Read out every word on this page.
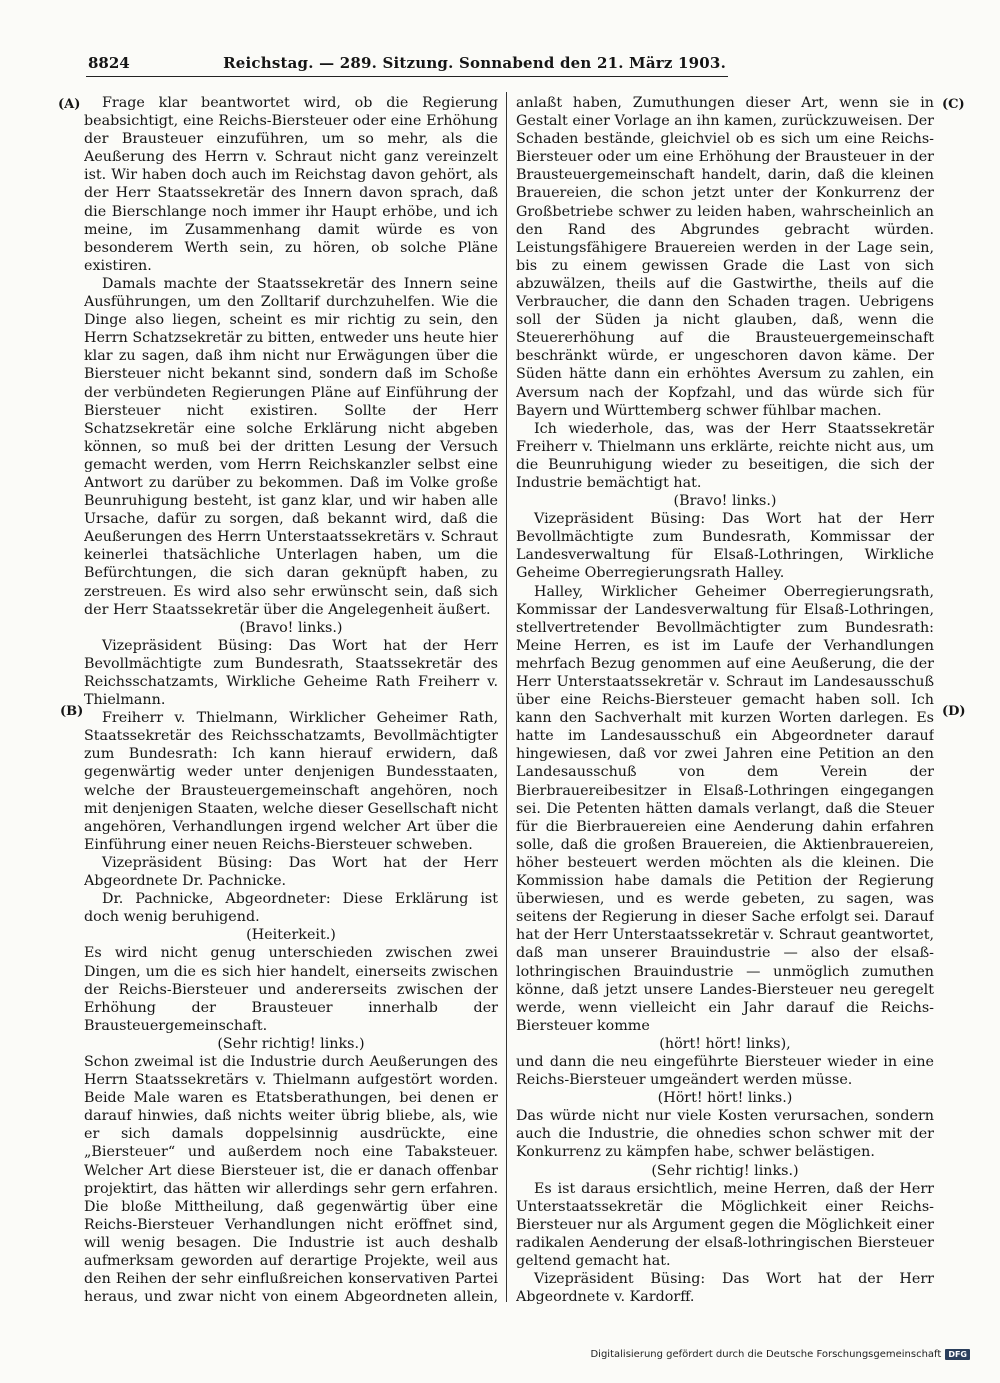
8824	Reichstag. — 289. Sitzung. Sonnabend den 21. März 1903.
(A)
(B)
(C)
(D)

Frage klar beantwortet wird, ob die Regierung beabsichtigt, eine Reichs-Biersteuer oder eine Erhöhung der Brausteuer einzuführen, um so mehr, als die Aeußerung des Herrn v. Schraut nicht ganz vereinzelt ist. Wir haben doch auch im Reichstag davon gehört, als der Herr Staatssekretär des Innern davon sprach, daß die Bierschlange noch immer ihr Haupt erhöbe, und ich meine, im Zusammenhang damit würde es von besonderem Werth sein, zu hören, ob solche Pläne existiren.

Damals machte der Staatssekretär des Innern seine Ausführungen, um den Zolltarif durchzuhelfen. Wie die Dinge also liegen, scheint es mir richtig zu sein, den Herrn Schatzsekretär zu bitten, entweder uns heute hier klar zu sagen, daß ihm nicht nur Erwägungen über die Biersteuer nicht bekannt sind, sondern daß im Schoße der verbündeten Regierungen Pläne auf Einführung der Biersteuer nicht existiren. Sollte der Herr Schatzsekretär eine solche Erklärung nicht abgeben können, so muß bei der dritten Lesung der Versuch gemacht werden, vom Herrn Reichskanzler selbst eine Antwort zu darüber zu bekommen. Daß im Volke große Beunruhigung besteht, ist ganz klar, und wir haben alle Ursache, dafür zu sorgen, daß bekannt wird, daß die Aeußerungen des Herrn Unterstaatssekretärs v. Schraut keinerlei thatsächliche Unterlagen haben, um die Befürchtungen, die sich daran geknüpft haben, zu zerstreuen. Es wird also sehr erwünscht sein, daß sich der Herr Staatssekretär über die Angelegenheit äußert.

(Bravo! links.)

Vizepräsident Büsing: Das Wort hat der Herr Bevollmächtigte zum Bundesrath, Staatssekretär des Reichsschatzamts, Wirkliche Geheime Rath Freiherr v. Thielmann.

Freiherr v. Thielmann, Wirklicher Geheimer Rath, Staatssekretär des Reichsschatzamts, Bevollmächtigter zum Bundesrath: Ich kann hierauf erwidern, daß gegenwärtig weder unter denjenigen Bundesstaaten, welche der Brausteuergemeinschaft angehören, noch mit denjenigen Staaten, welche dieser Gesellschaft nicht angehören, Verhandlungen irgend welcher Art über die Einführung einer neuen Reichs-Biersteuer schweben.

Vizepräsident Büsing: Das Wort hat der Herr Abgeordnete Dr. Pachnicke.

Dr. Pachnicke, Abgeordneter: Diese Erklärung ist doch wenig beruhigend.

(Heiterkeit.)

Es wird nicht genug unterschieden zwischen zwei Dingen, um die es sich hier handelt, einerseits zwischen der Reichs-Biersteuer und andererseits zwischen der Erhöhung der Brausteuer innerhalb der Brausteuergemeinschaft.

(Sehr richtig! links.)

Schon zweimal ist die Industrie durch Aeußerungen des Herrn Staatssekretärs v. Thielmann aufgestört worden. Beide Male waren es Etatsberathungen, bei denen er darauf hinwies, daß nichts weiter übrig bliebe, als, wie er sich damals doppelsinnig ausdrückte, eine „Biersteuer“ und außerdem noch eine Tabaksteuer. Welcher Art diese Biersteuer ist, die er danach offenbar projektirt, das hätten wir allerdings sehr gern erfahren. Die bloße Mittheilung, daß gegenwärtig über eine Reichs-Biersteuer Verhandlungen nicht eröffnet sind, will wenig besagen. Die Industrie ist auch deshalb aufmerksam geworden auf derartige Projekte, weil aus den Reihen der sehr einflußreichen konservativen Partei heraus, und zwar nicht von einem Abgeordneten allein,

anlaßt haben, Zumuthungen dieser Art, wenn sie in Gestalt einer Vorlage an ihn kamen, zurückzuweisen. Der Schaden bestände, gleichviel ob es sich um eine Reichs-Biersteuer oder um eine Erhöhung der Brausteuer in der Brausteuergemeinschaft handelt, darin, daß die kleinen Brauereien, die schon jetzt unter der Konkurrenz der Großbetriebe schwer zu leiden haben, wahrscheinlich an den Rand des Abgrundes gebracht würden. Leistungsfähigere Brauereien werden in der Lage sein, bis zu einem gewissen Grade die Last von sich abzuwälzen, theils auf die Gastwirthe, theils auf die Verbraucher, die dann den Schaden tragen. Uebrigens soll der Süden ja nicht glauben, daß, wenn die Steuererhöhung auf die Brausteuergemeinschaft beschränkt würde, er ungeschoren davon käme. Der Süden hätte dann ein erhöhtes Aversum zu zahlen, ein Aversum nach der Kopfzahl, und das würde sich für Bayern und Württemberg schwer fühlbar machen.

Ich wiederhole, das, was der Herr Staatssekretär Freiherr v. Thielmann uns erklärte, reichte nicht aus, um die Beunruhigung wieder zu beseitigen, die sich der Industrie bemächtigt hat.

(Bravo! links.)

Vizepräsident Büsing: Das Wort hat der Herr Bevollmächtigte zum Bundesrath, Kommissar der Landesverwaltung für Elsaß-Lothringen, Wirkliche Geheime Oberregierungsrath Halley.

Halley, Wirklicher Geheimer Oberregierungsrath, Kommissar der Landesverwaltung für Elsaß-Lothringen, stellvertretender Bevollmächtigter zum Bundesrath: Meine Herren, es ist im Laufe der Verhandlungen mehrfach Bezug genommen auf eine Aeußerung, die der Herr Unterstaatssekretär v. Schraut im Landesausschuß über eine Reichs-Biersteuer gemacht haben soll. Ich kann den Sachverhalt mit kurzen Worten darlegen. Es hatte im Landesausschuß ein Abgeordneter darauf hingewiesen, daß vor zwei Jahren eine Petition an den Landesausschuß von dem Verein der Bierbrauereibesitzer in Elsaß-Lothringen eingegangen sei. Die Petenten hätten damals verlangt, daß die Steuer für die Bierbrauereien eine Aenderung dahin erfahren solle, daß die großen Brauereien, die Aktienbrauereien, höher besteuert werden möchten als die kleinen. Die Kommission habe damals die Petition der Regierung überwiesen, und es werde gebeten, zu sagen, was seitens der Regierung in dieser Sache erfolgt sei. Darauf hat der Herr Unterstaatssekretär v. Schraut geantwortet, daß man unserer Brauindustrie — also der elsaß-lothringischen Brauindustrie — unmöglich zumuthen könne, daß jetzt unsere Landes-Biersteuer neu geregelt werde, wenn vielleicht ein Jahr darauf die Reichs-Biersteuer komme

(hört! hört! links),

und dann die neu eingeführte Biersteuer wieder in eine Reichs-Biersteuer umgeändert werden müsse.

(Hört! hört! links.)

Das würde nicht nur viele Kosten verursachen, sondern auch die Industrie, die ohnedies schon schwer mit der Konkurrenz zu kämpfen habe, schwer belästigen.

(Sehr richtig! links.)

Es ist daraus ersichtlich, meine Herren, daß der Herr Unterstaatssekretär die Möglichkeit einer Reichs-Biersteuer nur als Argument gegen die Möglichkeit einer radikalen Aenderung der elsaß-lothringischen Biersteuer geltend gemacht hat.

Vizepräsident Büsing: Das Wort hat der Herr Abgeordnete v. Kardorff.

Digitalisierung gefördert durch die Deutsche Forschungsgemeinschaft DFG
